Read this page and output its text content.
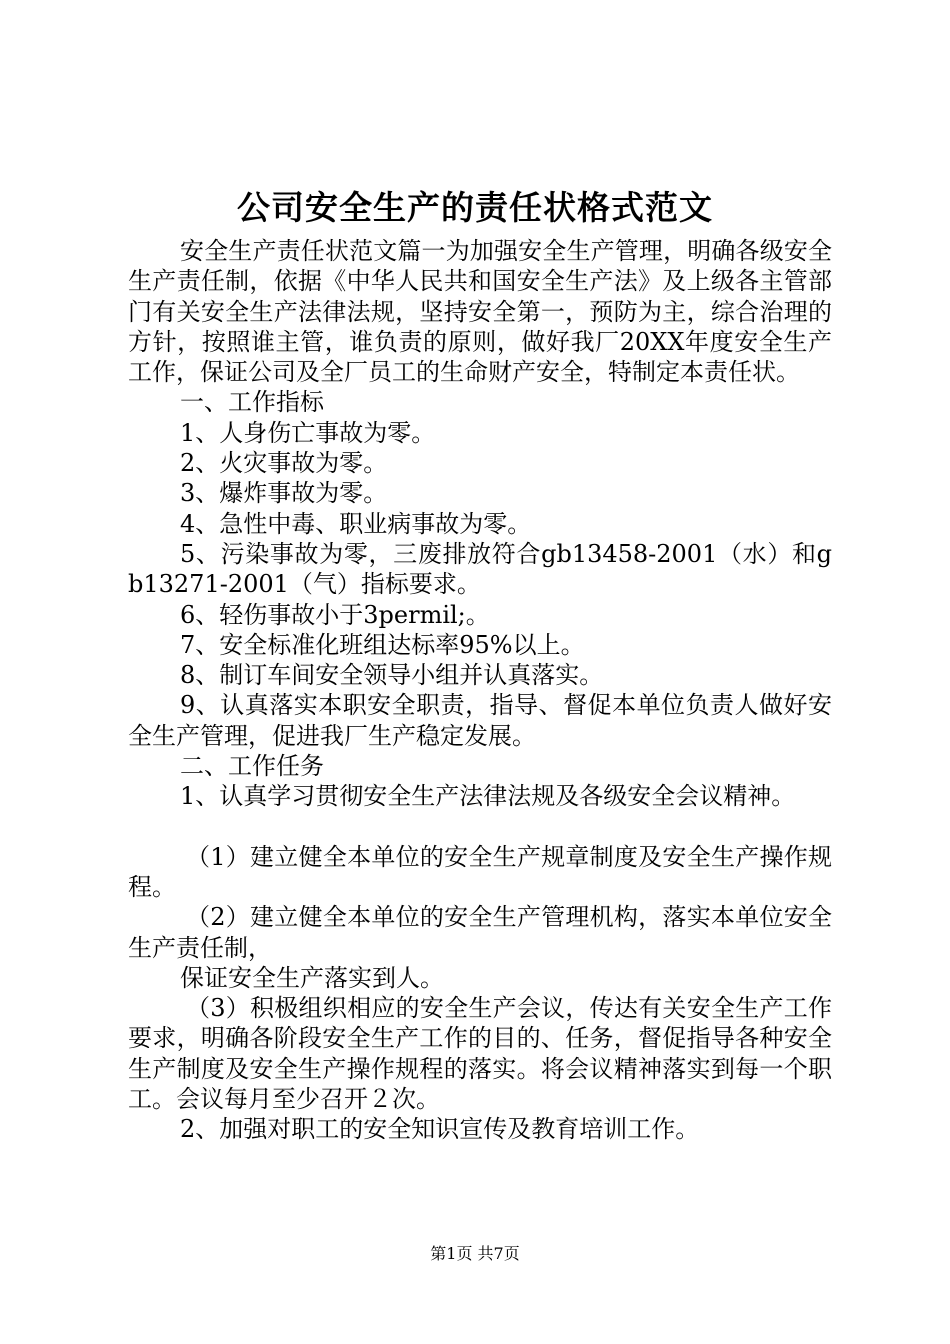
公司安全生产的责任状格式范文

安全生产责任状范文篇一为加强安全生产管理，明确各级安全生产责任制，依据《中华人民共和国安全生产法》及上级各主管部门有关安全生产法律法规，坚持安全第一，预防为主，综合治理的方针，按照谁主管，谁负责的原则，做好我厂20XX年度安全生产工作，保证公司及全厂员工的生命财产安全，特制定本责任状。

一、工作指标

1、人身伤亡事故为零。

2、火灾事故为零。

3、爆炸事故为零。

4、急性中毒、职业病事故为零。

5、污染事故为零，三废排放符合gb13458-2001（水）和gb13271-2001（气）指标要求。

6、轻伤事故小于3permil;。

7、安全标准化班组达标率95%以上。

8、制订车间安全领导小组并认真落实。

9、认真落实本职安全职责，指导、督促本单位负责人做好安全生产管理，促进我厂生产稳定发展。

二、工作任务

1、认真学习贯彻安全生产法律法规及各级安全会议精神。

（1）建立健全本单位的安全生产规章制度及安全生产操作规程。

（2）建立健全本单位的安全生产管理机构，落实本单位安全生产责任制，

保证安全生产落实到人。

（3）积极组织相应的安全生产会议，传达有关安全生产工作要求，明确各阶段安全生产工作的目的、任务，督促指导各种安全生产制度及安全生产操作规程的落实。将会议精神落实到每一个职工。会议每月至少召开２次。

2、加强对职工的安全知识宣传及教育培训工作。

第1页 共7页
